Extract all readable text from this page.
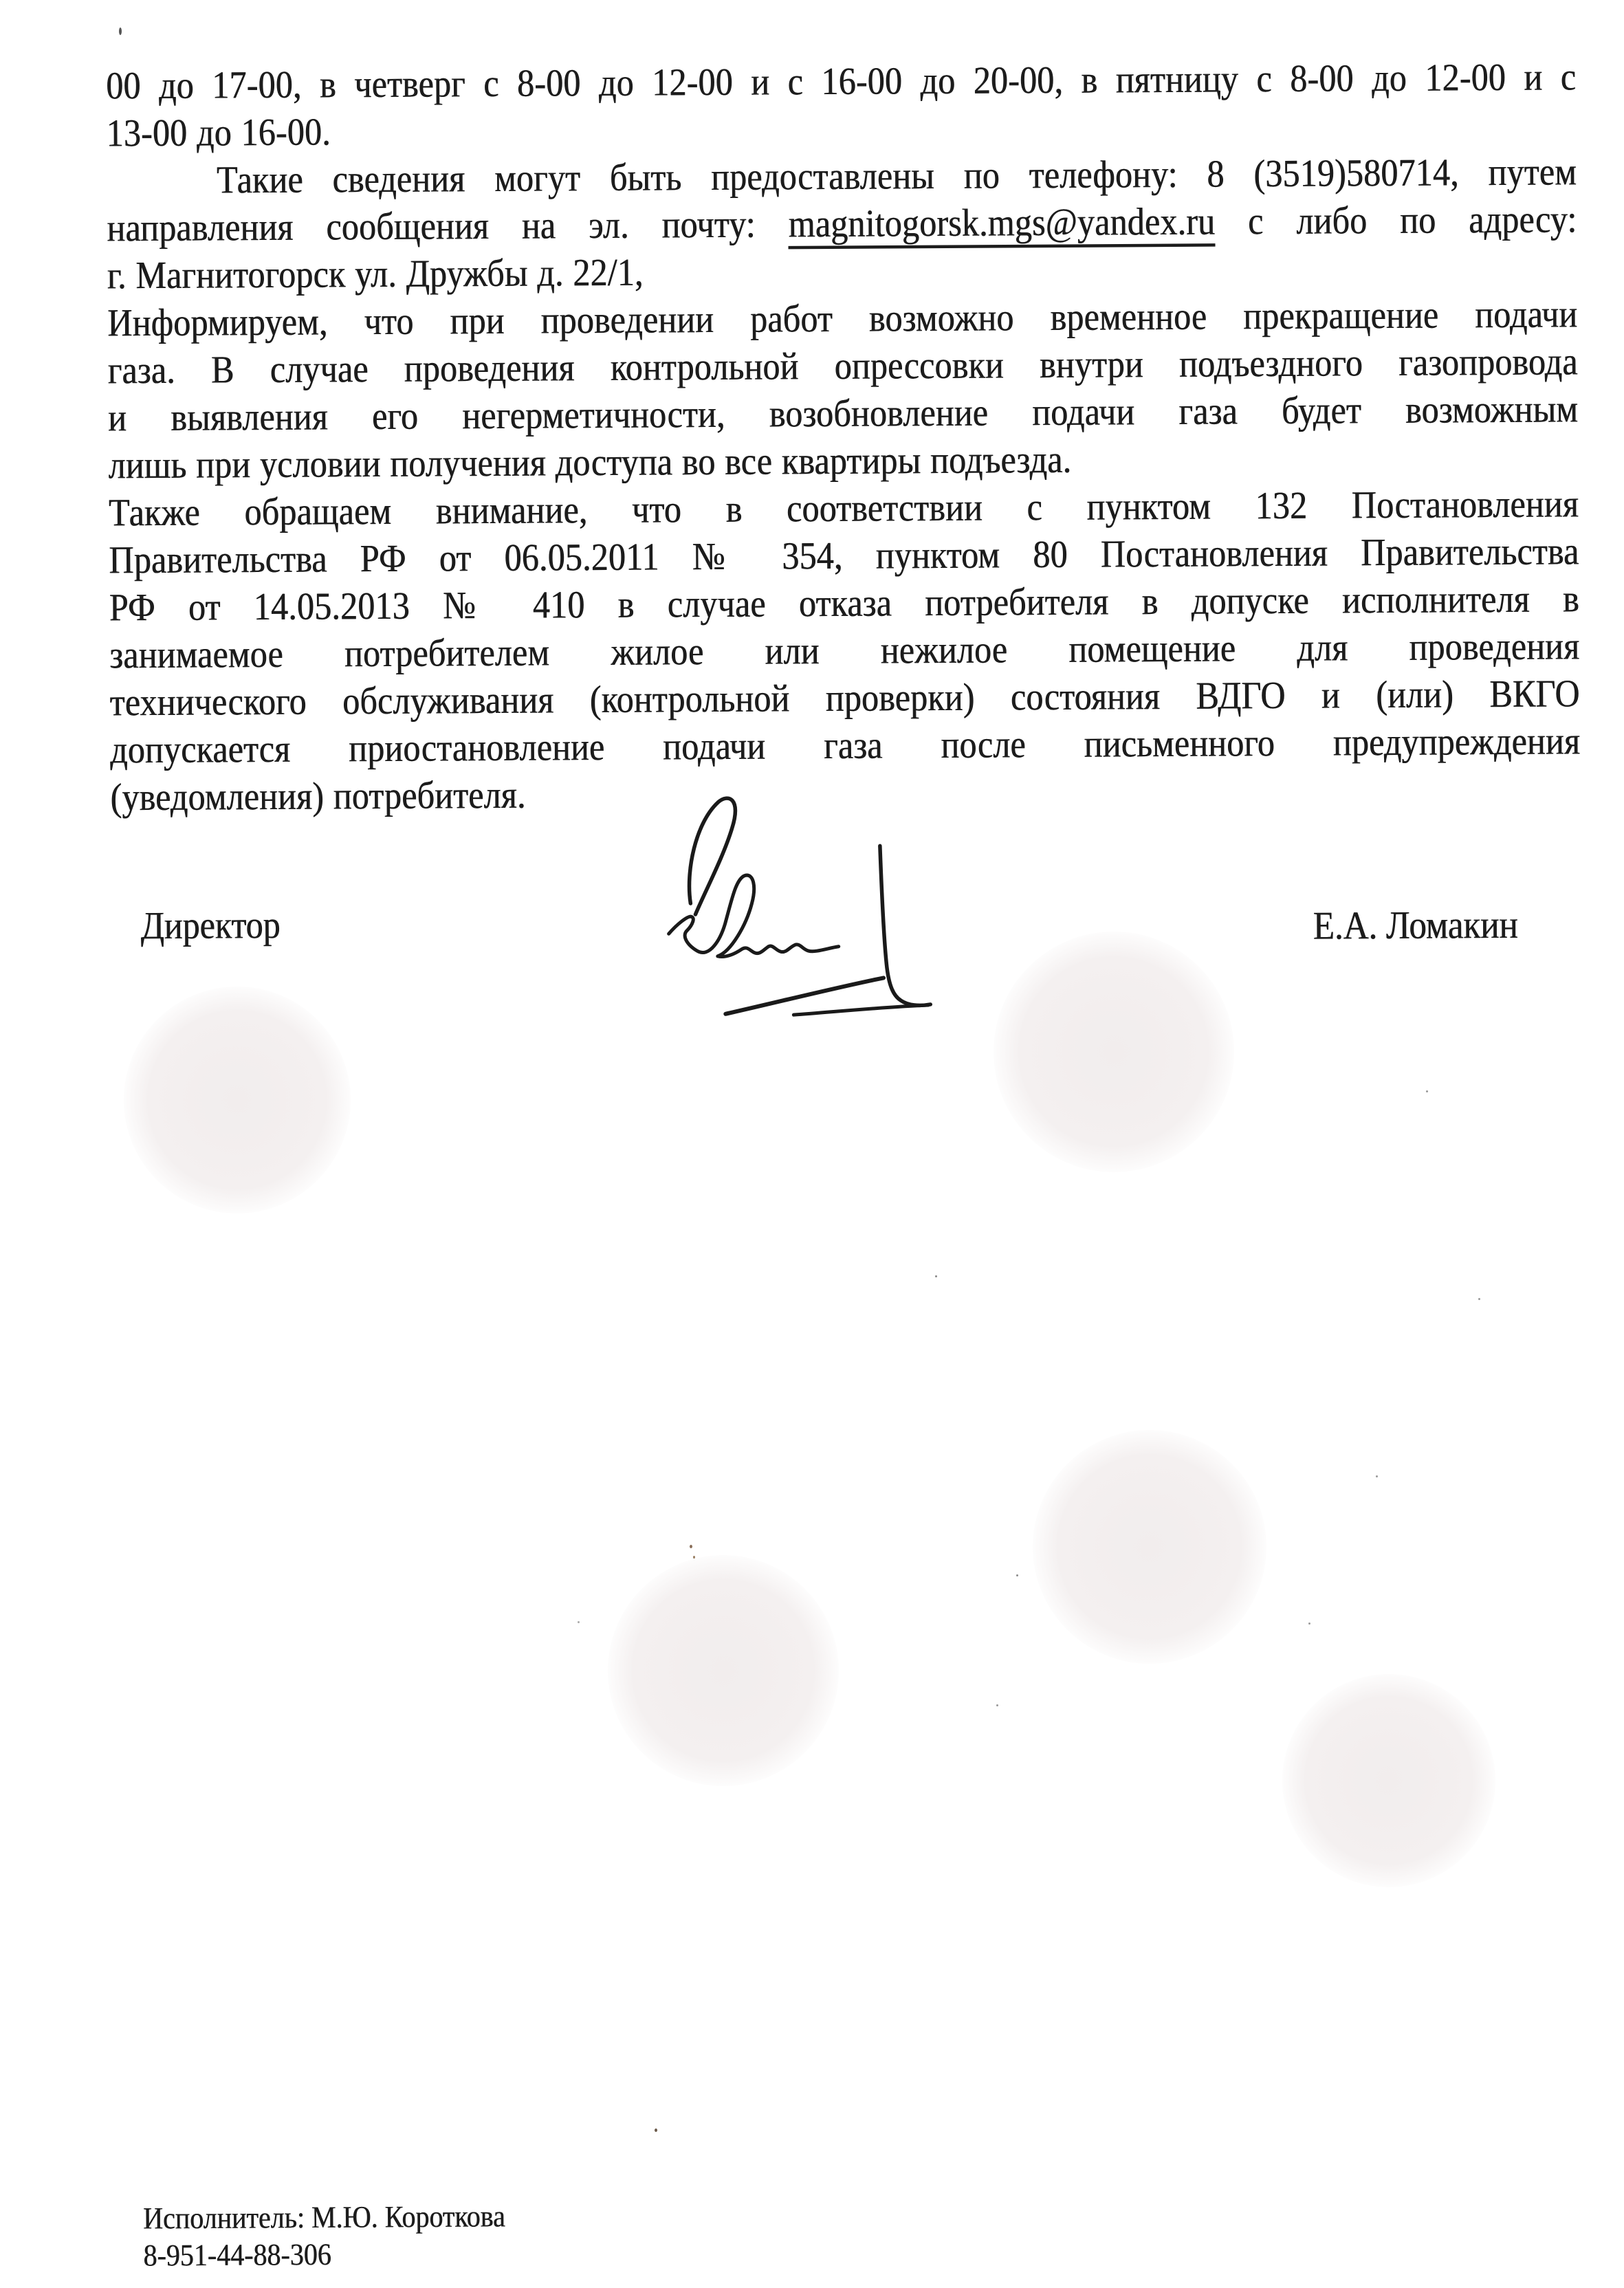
00 до 17-00, в четверг с 8-00 до 12-00 и с 16-00 до 20-00, в пятницу с 8-00 до 12-00 и с
13-00 до 16-00.
Такие сведения могут быть предоставлены по телефону: 8 (3519)580714, путем
направления сообщения на эл. почту: magnitogorsk.mgs@yandex.ru с либо по адресу:
г. Магнитогорск ул. Дружбы д. 22/1,
Информируем, что при проведении работ возможно временное прекращение подачи
газа. В случае проведения контрольной опрессовки внутри подъездного газопровода
и выявления его негерметичности, возобновление подачи газа будет возможным
лишь при условии получения доступа во все квартиры подъезда.
Также обращаем внимание, что в соответствии с пунктом 132 Постановления
Правительства РФ от 06.05.2011 № 354, пунктом 80 Постановления Правительства
РФ от 14.05.2013 № 410 в случае отказа потребителя в допуске исполнителя в
занимаемое потребителем жилое или нежилое помещение для проведения
технического обслуживания (контрольной проверки) состояния ВДГО и (или) ВКГО
допускается приостановление подачи газа после письменного предупреждения
(уведомления) потребителя.
Директор	Е.А. Ломакин
Исполнитель: М.Ю. Короткова
8-951-44-88-306
